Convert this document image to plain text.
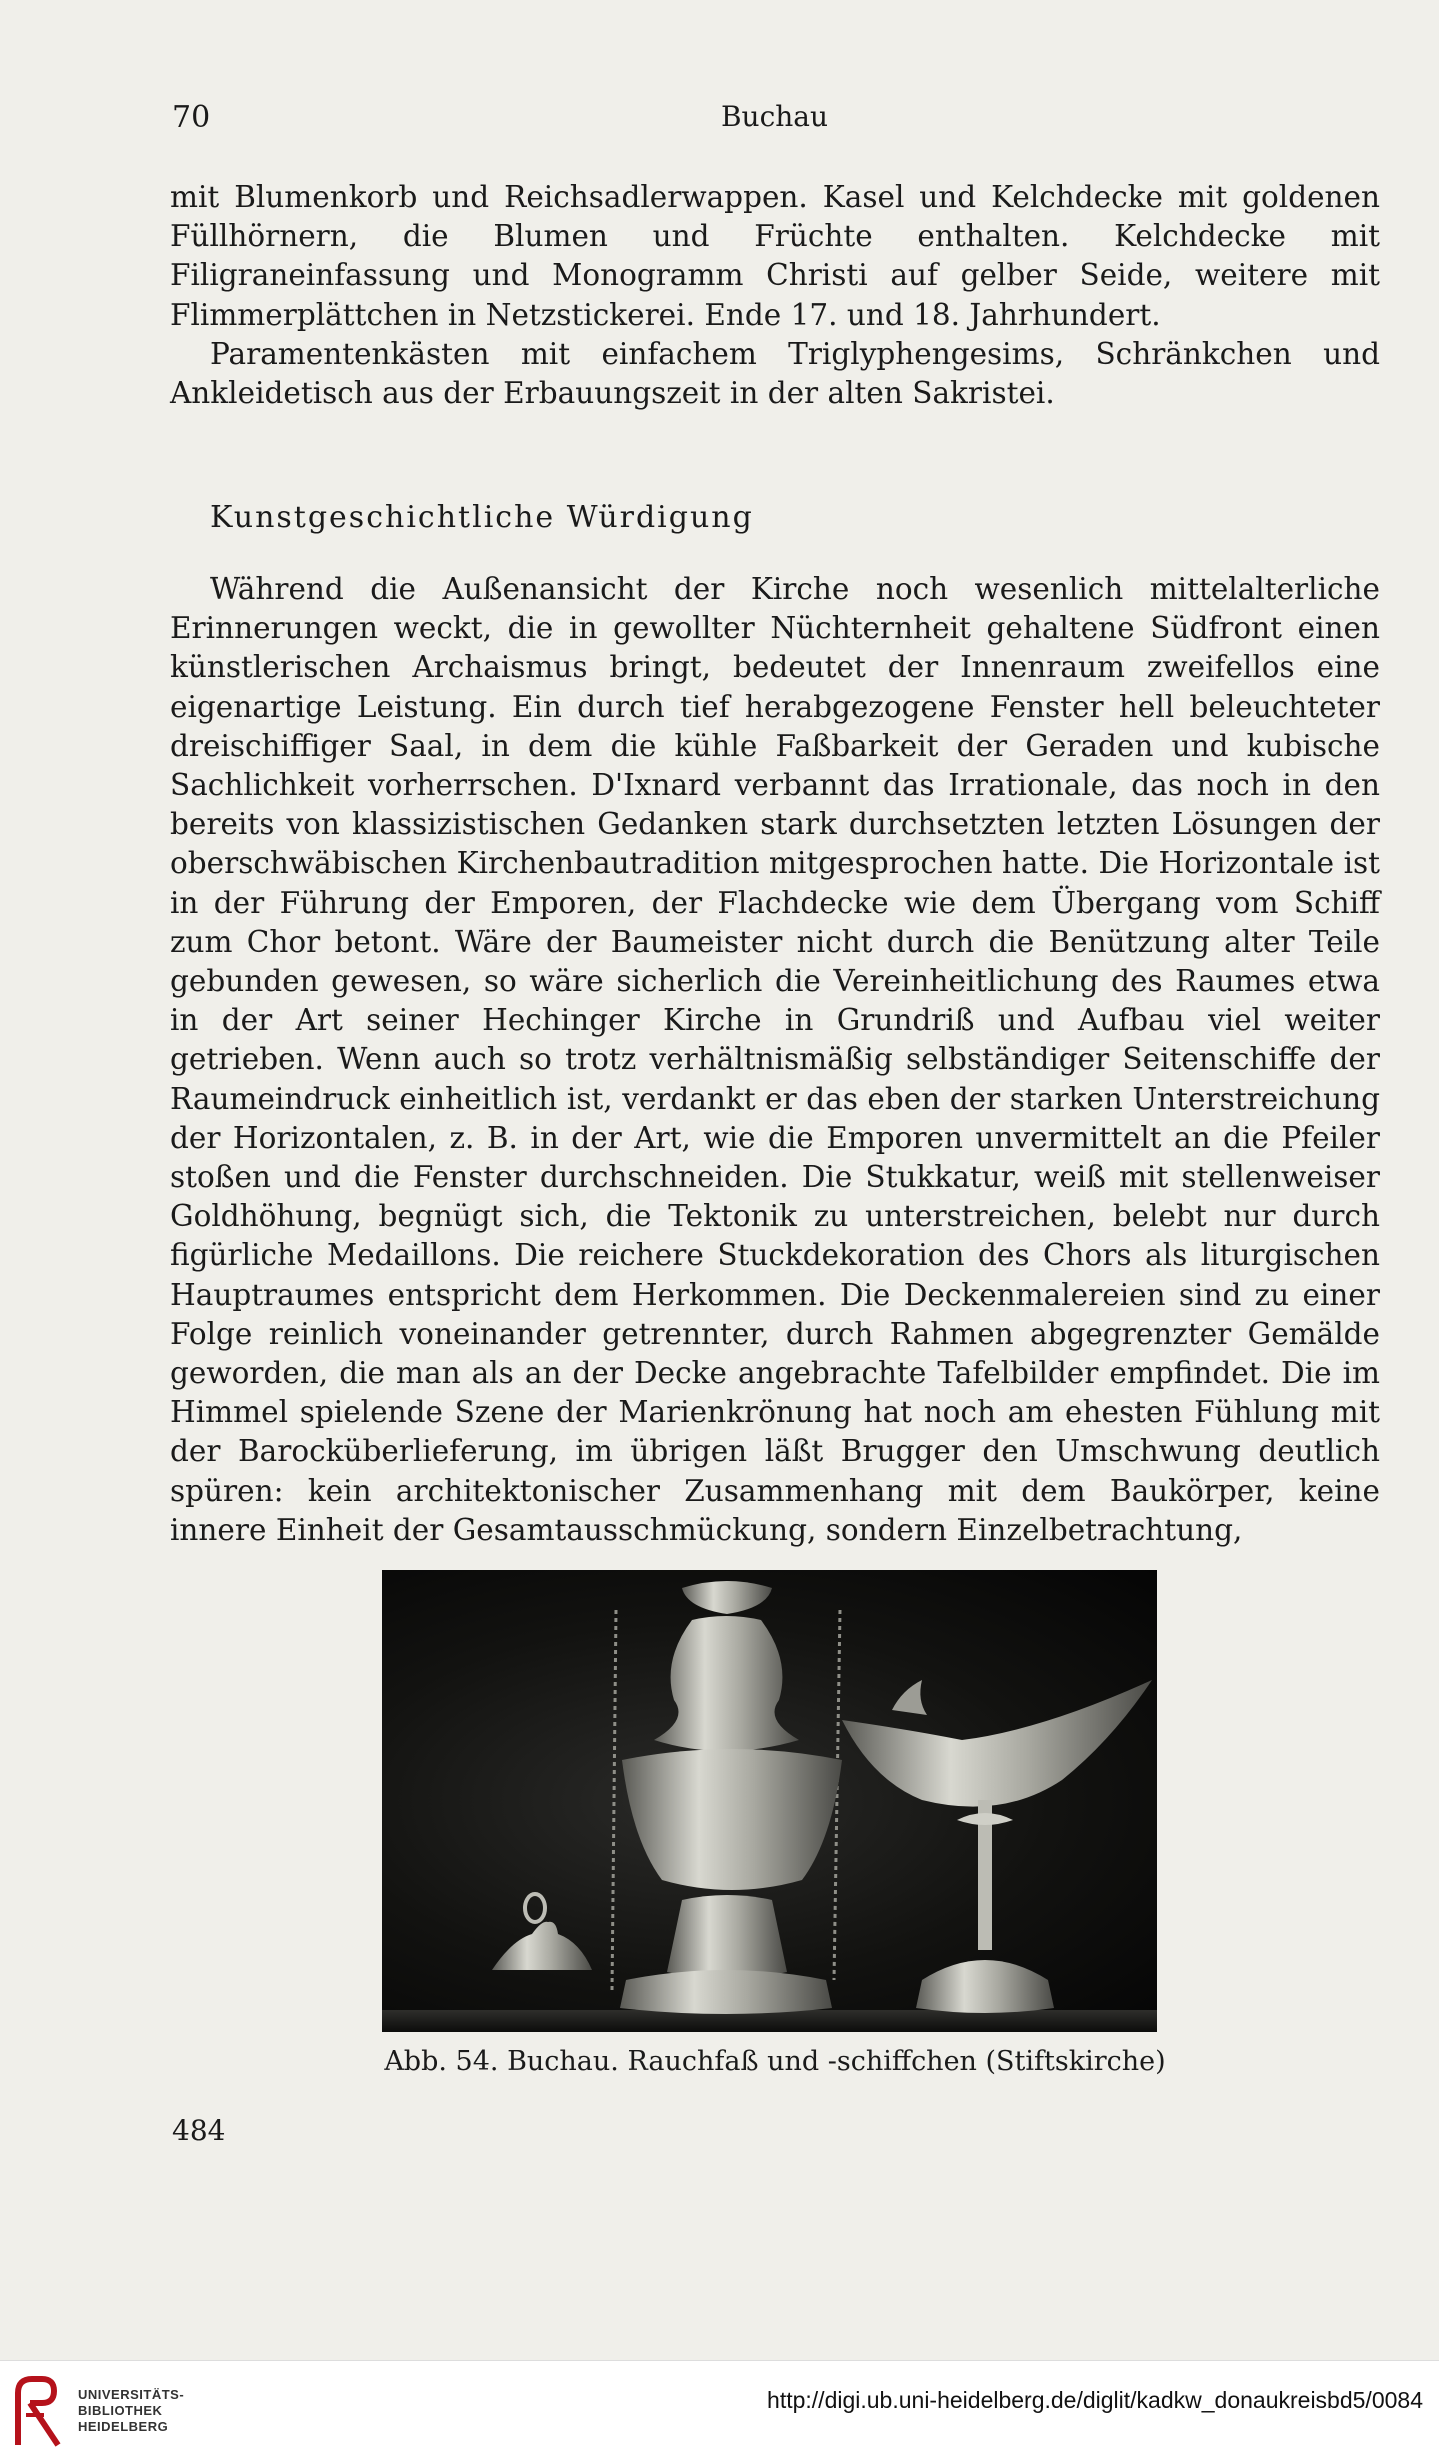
70	Buchau

mit Blumenkorb und Reichsadlerwappen. Kasel und Kelchdecke mit goldenen Füllhörnern, die Blumen und Früchte enthalten. Kelchdecke mit Filigraneinfassung und Monogramm Christi auf gelber Seide, weitere mit Flimmerplättchen in Netzstickerei. Ende 17. und 18. Jahrhundert.

Paramentenkästen mit einfachem Triglyphengesims, Schränkchen und Ankleidetisch aus der Erbauungszeit in der alten Sakristei.

Kunstgeschichtliche Würdigung

Während die Außenansicht der Kirche noch wesenlich mittelalterliche Erinnerungen weckt, die in gewollter Nüchternheit gehaltene Südfront einen künstlerischen Archaismus bringt, bedeutet der Innenraum zweifellos eine eigenartige Leistung. Ein durch tief herabgezogene Fenster hell beleuchteter dreischiffiger Saal, in dem die kühle Faßbarkeit der Geraden und kubische Sachlichkeit vorherrschen. D'Ixnard verbannt das Irrationale, das noch in den bereits von klassizistischen Gedanken stark durchsetzten letzten Lösungen der oberschwäbischen Kirchenbautradition mitgesprochen hatte. Die Horizontale ist in der Führung der Emporen, der Flachdecke wie dem Übergang vom Schiff zum Chor betont. Wäre der Baumeister nicht durch die Benützung alter Teile gebunden gewesen, so wäre sicherlich die Vereinheitlichung des Raumes etwa in der Art seiner Hechinger Kirche in Grundriß und Aufbau viel weiter getrieben. Wenn auch so trotz verhältnismäßig selbständiger Seitenschiffe der Raumeindruck einheitlich ist, verdankt er das eben der starken Unterstreichung der Horizontalen, z. B. in der Art, wie die Emporen unvermittelt an die Pfeiler stoßen und die Fenster durchschneiden. Die Stukkatur, weiß mit stellenweiser Goldhöhung, begnügt sich, die Tektonik zu unterstreichen, belebt nur durch figürliche Medaillons. Die reichere Stuckdekoration des Chors als liturgischen Hauptraumes entspricht dem Herkommen. Die Deckenmalereien sind zu einer Folge reinlich voneinander getrennter, durch Rahmen abgegrenzter Gemälde geworden, die man als an der Decke angebrachte Tafelbilder empfindet. Die im Himmel spielende Szene der Marienkrönung hat noch am ehesten Fühlung mit der Barocküberlieferung, im übrigen läßt Brugger den Umschwung deutlich spüren: kein architektonischer Zusammenhang mit dem Baukörper, keine innere Einheit der Gesamtausschmückung, sondern Einzelbetrachtung,

Abb. 54. Buchau. Rauchfaß und -schiffchen (Stiftskirche)
484
UNIVERSITÄTS-
BIBLIOTHEK
HEIDELBERG
http://digi.ub.uni-heidelberg.de/diglit/kadkw_donaukreisbd5/0084
